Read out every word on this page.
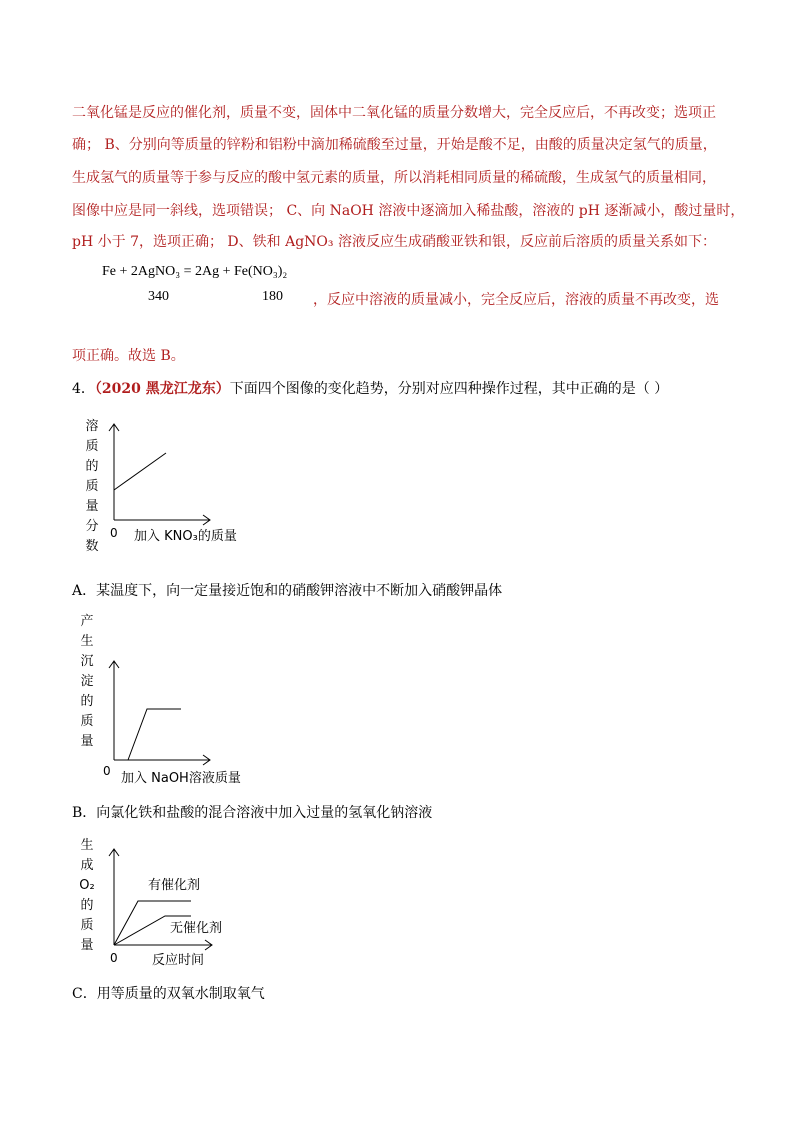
二氧化锰是反应的催化剂，质量不变，固体中二氧化锰的质量分数增大，完全反应后，不再改变；选项正
确； B、分别向等质量的锌粉和铝粉中滴加稀硫酸至过量，开始是酸不足，由酸的质量决定氢气的质量，
生成氢气的质量等于参与反应的酸中氢元素的质量，所以消耗相同质量的稀硫酸，生成氢气的质量相同，
图像中应是同一斜线，选项错误； C、向 NaOH 溶液中逐滴加入稀盐酸，溶液的 pH 逐渐减小，酸过量时，
pH 小于 7，选项正确； D、铁和 AgNO₃ 溶液反应生成硝酸亚铁和银，反应前后溶质的质量关系如下：
Fe + 2AgNO₃ = 2Ag + Fe(NO₃)₂
340	180 ，反应中溶液的质量减小，完全反应后，溶液的质量不再改变，选
项正确。故选 B。
4．（2020 黑龙江龙东）下面四个图像的变化趋势，分别对应四种操作过程，其中正确的是（ ）
溶
质
的
质
量
分
数
0 加入 KNO₃的质量
A．某温度下，向一定量接近饱和的硝酸钾溶液中不断加入硝酸钾晶体
产
生
沉
淀
的
质
量
0 加入 NaOH溶液质量
B．向氯化铁和盐酸的混合溶液中加入过量的氢氧化钠溶液
生
成
O₂
的
质
量
有催化剂
无催化剂
0	反应时间
C．用等质量的双氧水制取氧气
